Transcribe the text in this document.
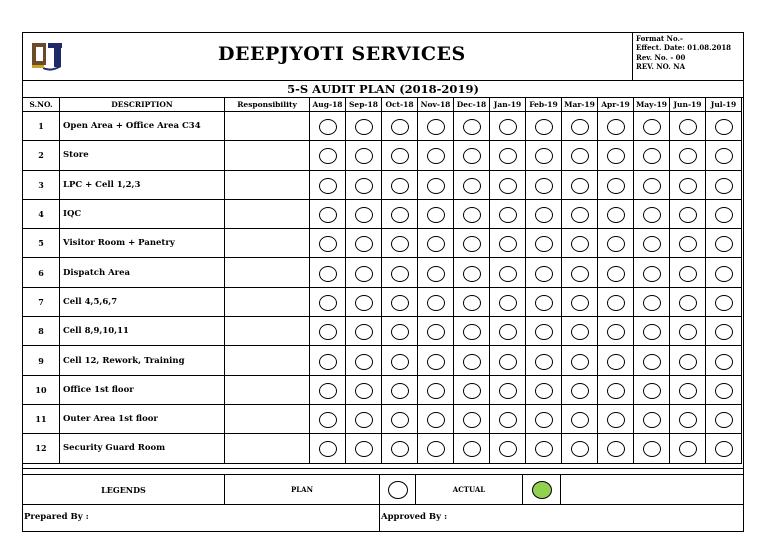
DEEPJYOTI SERVICES
Format No.-
Effect. Date: 01.08.2018
Rev. No. - 00
REV. NO. NA
5-S AUDIT PLAN (2018-2019)
S.NO.	DESCRIPTION	Responsibility	Aug-18	Sep-18	Oct-18	Nov-18	Dec-18	Jan-19	Feb-19	Mar-19	Apr-19	May-19	Jun-19	Jul-19
1	Open Area + Office Area C34													
2	Store													
3	LPC + Cell 1,2,3													
4	IQC													
5	Visitor Room + Panetry													
6	Dispatch Area													
7	Cell 4,5,6,7													
8	Cell 8,9,10,11													
9	Cell 12, Rework, Training													
10	Office 1st floor													
11	Outer Area 1st floor													
12	Security Guard Room													
LEGENDS	PLAN	ACTUAL
Prepared By :	Approved By :
